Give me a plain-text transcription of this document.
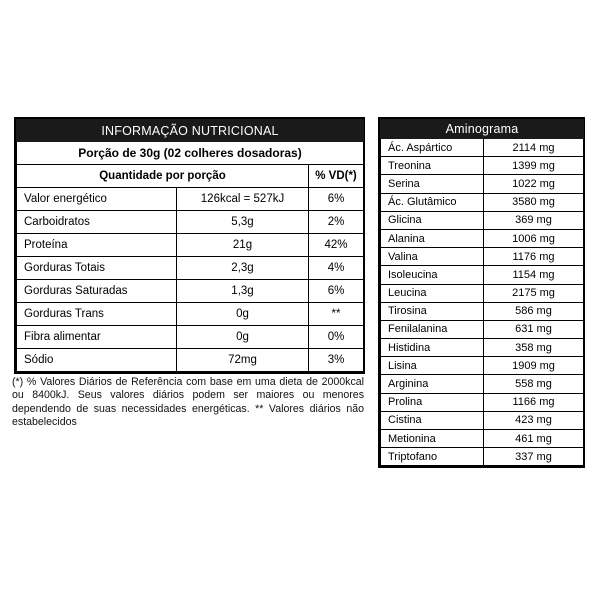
INFORMAÇÃO NUTRICIONAL		
Porção de 30g (02 colheres dosadoras)		
Quantidade por porção		% VD(*)
Valor energético	126kcal = 527kJ	6%
Carboidratos	5,3g	2%
Proteína	21g	42%
Gorduras Totais	2,3g	4%
Gorduras Saturadas	1,3g	6%
Gorduras Trans	0g	**
Fibra alimentar	0g	0%
Sódio	72mg	3%
(*) % Valores Diários de Referência com base em uma dieta de 2000kcal ou 8400kJ. Seus valores diários podem ser maiores ou menores dependendo de suas necessidades energéticas. ** Valores diários não estabelecidos
Aminograma	
Ác. Aspártico	2114 mg
Treonina	1399 mg
Serina	1022 mg
Ác. Glutâmico	3580 mg
Glicina	369 mg
Alanina	1006 mg
Valina	1176 mg
Isoleucina	1154 mg
Leucina	2175 mg
Tirosina	586 mg
Fenilalanina	631 mg
Histidina	358 mg
Lisina	1909 mg
Arginina	558 mg
Prolina	1166 mg
Cistina	423 mg
Metionina	461 mg
Triptofano	337 mg
